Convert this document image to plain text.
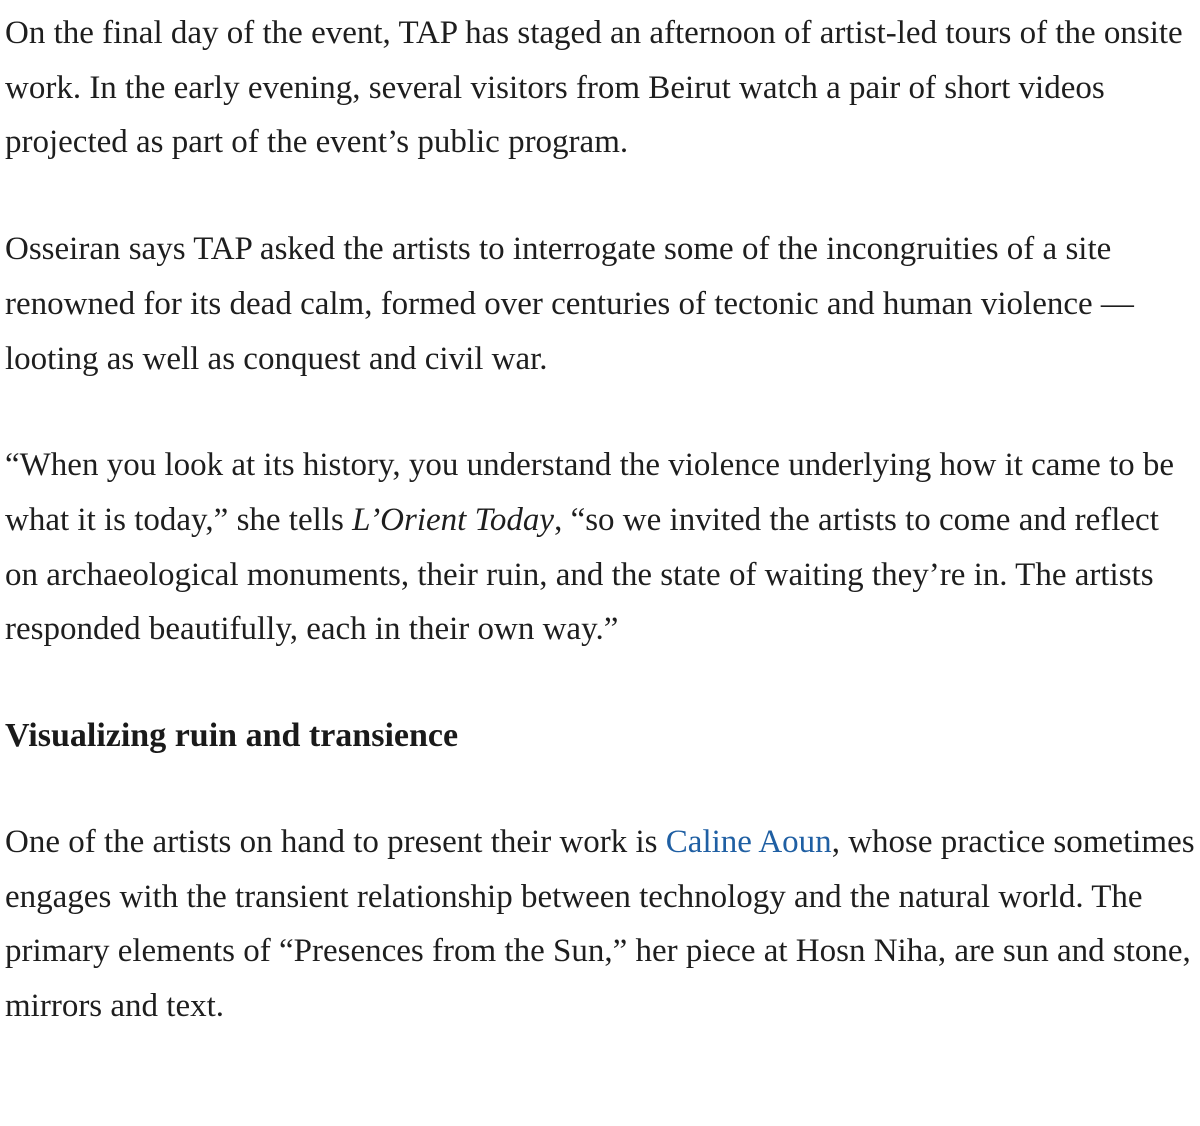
On the final day of the event, TAP has staged an afternoon of artist-led tours of the onsite work. In the early evening, several visitors from Beirut watch a pair of short videos projected as part of the event’s public program.

Osseiran says TAP asked the artists to interrogate some of the incongruities of a site renowned for its dead calm, formed over centuries of tectonic and human violence — looting as well as conquest and civil war.

“When you look at its history, you understand the violence underlying how it came to be what it is today,” she tells L’Orient Today, “so we invited the artists to come and reflect on archaeological monuments, their ruin, and the state of waiting they’re in. The artists responded beautifully, each in their own way.”

Visualizing ruin and transience

One of the artists on hand to present their work is Caline Aoun, whose practice sometimes engages with the transient relationship between technology and the natural world. The primary elements of “Presences from the Sun,” her piece at Hosn Niha, are sun and stone, mirrors and text.
